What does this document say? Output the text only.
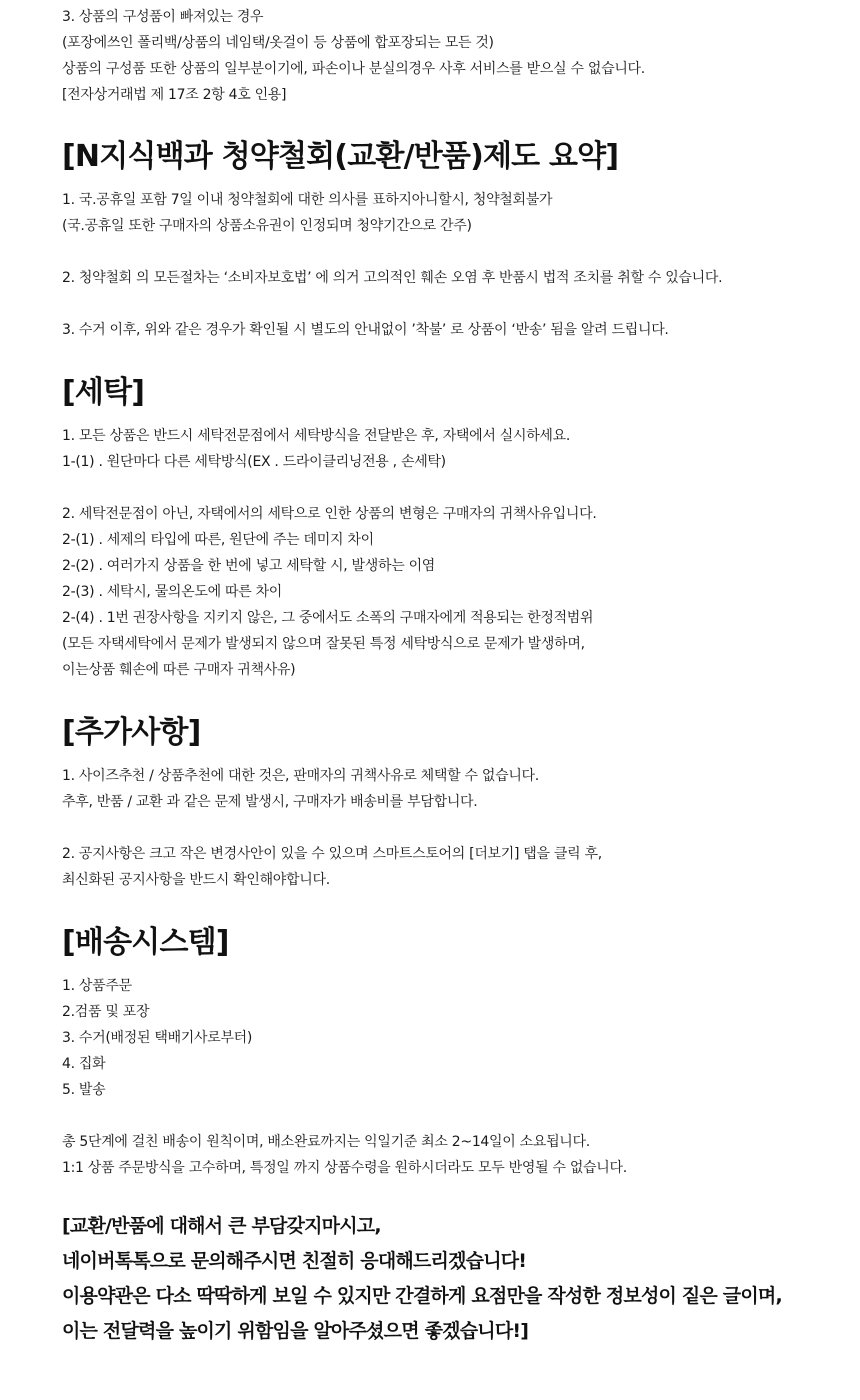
3. 상품의 구성품이 빠져있는 경우
(포장에쓰인 폴리백/상품의 네임택/옷걸이 등 상품에 합포장되는 모든 것)
상품의 구성품 또한 상품의 일부분이기에, 파손이나 분실의경우 사후 서비스를 받으실 수 없습니다.
[전자상거래법 제 17조 2항 4호 인용]
[N지식백과 청약철회(교환/반품)제도 요약]
1. 국.공휴일 포함 7일 이내 청약철회에 대한 의사를 표하지아니할시, 청약철회불가
(국.공휴일 또한 구매자의 상품소유권이 인정되며 청약기간으로 간주)
2. 청약철회 의 모든절차는 ‘소비자보호법’ 에 의거 고의적인 훼손 오염 후 반품시 법적 조치를 취할 수 있습니다.
3. 수거 이후, 위와 같은 경우가 확인될 시 별도의 안내없이 ’착불’ 로 상품이 ‘반송’ 됨을 알려 드립니다.
[세탁]
1. 모든 상품은 반드시 세탁전문점에서 세탁방식을 전달받은 후, 자택에서 실시하세요.
1-(1) . 원단마다 다른 세탁방식(EX . 드라이클리닝전용 , 손세탁)
2. 세탁전문점이 아닌, 자택에서의 세탁으로 인한 상품의 변형은 구매자의 귀책사유입니다.
2-(1) . 세제의 타입에 따른, 원단에 주는 데미지 차이
2-(2) . 여러가지 상품을 한 번에 넣고 세탁할 시, 발생하는 이염
2-(3) . 세탁시, 물의온도에 따른 차이
2-(4) . 1번 권장사항을 지키지 않은, 그 중에서도 소폭의 구매자에게 적용되는 한정적범위
(모든 자택세탁에서 문제가 발생되지 않으며 잘못된 특정 세탁방식으로 문제가 발생하며,
이는상품 훼손에 따른 구매자 귀책사유)
[추가사항]
1. 사이즈추천 / 상품추천에 대한 것은, 판매자의 귀책사유로 체택할 수 없습니다.
추후, 반품 / 교환 과 같은 문제 발생시, 구매자가 배송비를 부담합니다.
2. 공지사항은 크고 작은 변경사안이 있을 수 있으며 스마트스토어의 [더보기] 탭을 클릭 후,
최신화된 공지사항을 반드시 확인해야합니다.
[배송시스템]
1. 상품주문
2.검품 및 포장
3. 수거(배정된 택배기사로부터)
4. 집화
5. 발송
총 5단계에 걸친 배송이 원칙이며, 배소완료까지는 익일기준 최소 2~14일이 소요됩니다.
1:1 상품 주문방식을 고수하며, 특정일 까지 상품수령을 원하시더라도 모두 반영될 수 없습니다.
[교환/반품에 대해서 큰 부담갖지마시고,
네이버톡톡으로 문의해주시면 친절히 응대해드리겠습니다!
이용약관은 다소 딱딱하게 보일 수 있지만 간결하게 요점만을 작성한 정보성이 짙은 글이며,
이는 전달력을 높이기 위함임을 알아주셨으면 좋겠습니다!]
